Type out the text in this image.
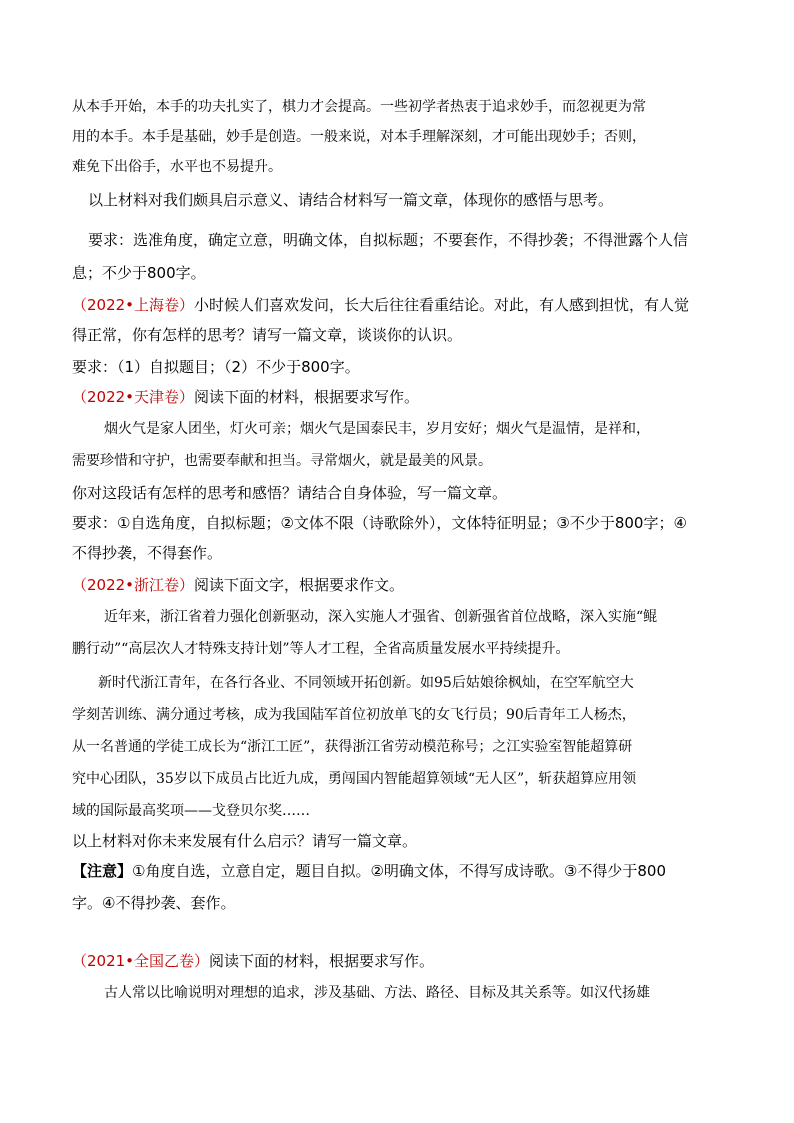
从本手开始，本手的功夫扎实了，棋力才会提高。一些初学者热衷于追求妙手，而忽视更为常
用的本手。本手是基础，妙手是创造。一般来说，对本手理解深刻，才可能出现妙手；否则，
难免下出俗手，水平也不易提升。
以上材料对我们颇具启示意义、请结合材料写一篇文章，体现你的感悟与思考。
要求：选准角度，确定立意，明确文体，自拟标题；不要套作，不得抄袭；不得泄露个人信
息；不少于800字。
（2022•上海卷）小时候人们喜欢发问，长大后往往看重结论。对此，有人感到担忧，有人觉
得正常，你有怎样的思考？请写一篇文章，谈谈你的认识。
要求：（1）自拟题目；（2）不少于800字。
（2022•天津卷）阅读下面的材料，根据要求写作。
烟火气是家人团坐，灯火可亲；烟火气是国泰民丰，岁月安好；烟火气是温情，是祥和，
需要珍惜和守护，也需要奉献和担当。寻常烟火，就是最美的风景。
你对这段话有怎样的思考和感悟？请结合自身体验，写一篇文章。
要求：①自选角度，自拟标题；②文体不限（诗歌除外），文体特征明显；③不少于800字；④
不得抄袭，不得套作。
（2022•浙江卷）阅读下面文字，根据要求作文。
近年来，浙江省着力强化创新驱动，深入实施人才强省、创新强省首位战略，深入实施“鲲
鹏行动”“高层次人才特殊支持计划”等人才工程，全省高质量发展水平持续提升。
新时代浙江青年，在各行各业、不同领域开拓创新。如95后姑娘徐枫灿，在空军航空大
学刻苦训练、满分通过考核，成为我国陆军首位初放单飞的女飞行员；90后青年工人杨杰，
从一名普通的学徒工成长为“浙江工匠”，获得浙江省劳动模范称号；之江实验室智能超算研
究中心团队，35岁以下成员占比近九成，勇闯国内智能超算领域“无人区”，斩获超算应用领
域的国际最高奖项——戈登贝尔奖……
以上材料对你未来发展有什么启示？请写一篇文章。
【注意】①角度自选，立意自定，题目自拟。②明确文体，不得写成诗歌。③不得少于800
字。④不得抄袭、套作。
（2021•全国乙卷）阅读下面的材料，根据要求写作。
古人常以比喻说明对理想的追求，涉及基础、方法、路径、目标及其关系等。如汉代扬雄
